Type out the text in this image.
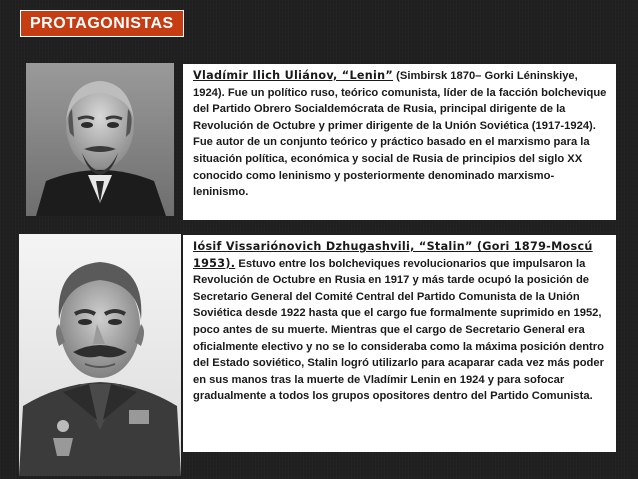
PROTAGONISTAS

Vladímir Ilich Uliánov, “Lenin” (Simbirsk 1870– Gorki Léninskiye, 1924). Fue un político ruso, teórico comunista, líder de la facción bolchevique del Partido Obrero Socialdemócrata de Rusia, principal dirigente de la Revolución de Octubre y primer dirigente de la Unión Soviética (1917-1924).

Fue autor de un conjunto teórico y práctico basado en el marxismo para la situación política, económica y social de Rusia de principios del siglo XX conocido como leninismo y posteriormente denominado marxismo-leninismo.

Iósif Vissariónovich Dzhugashvili, “Stalin” (Gori 1879-Moscú 1953). Estuvo entre los bolcheviques revolucionarios que impulsaron la Revolución de Octubre en Rusia en 1917 y más tarde ocupó la posición de Secretario General del Comité Central del Partido Comunista de la Unión Soviética desde 1922 hasta que el cargo fue formalmente suprimido en 1952, poco antes de su muerte. Mientras que el cargo de Secretario General era oficialmente electivo y no se lo consideraba como la máxima posición dentro del Estado soviético, Stalin logró utilizarlo para acaparar cada vez más poder en sus manos tras la muerte de Vladímir Lenin en 1924 y para sofocar gradualmente a todos los grupos opositores dentro del Partido Comunista.
